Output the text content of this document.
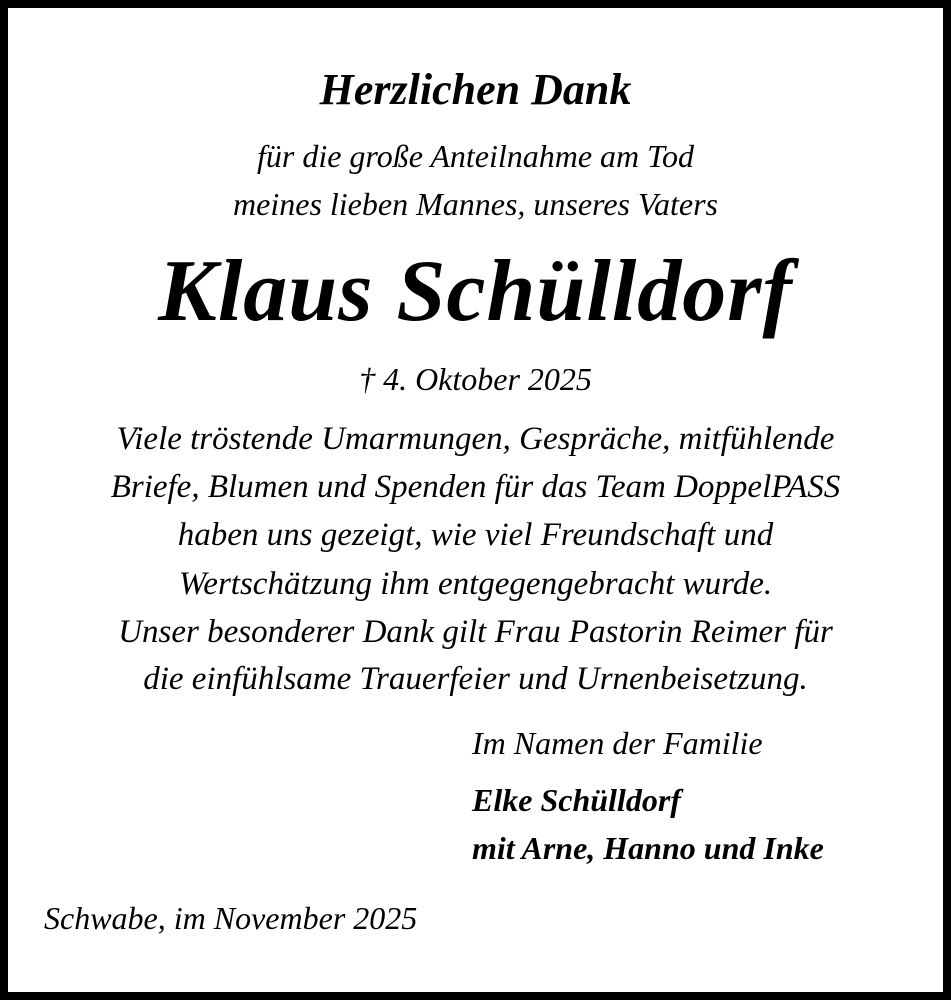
Herzlichen Dank
für die große Anteilnahme am Tod
meines lieben Mannes, unseres Vaters
Klaus Schülldorf
† 4. Oktober 2025
Viele tröstende Umarmungen, Gespräche, mitfühlende
Briefe, Blumen und Spenden für das Team DoppelPASS
haben uns gezeigt, wie viel Freundschaft und
Wertschätzung ihm entgegengebracht wurde.
Unser besonderer Dank gilt Frau Pastorin Reimer für
die einfühlsame Trauerfeier und Urnenbeisetzung.
Im Namen der Familie
Elke Schülldorf
mit Arne, Hanno und Inke
Schwabe, im November 2025
